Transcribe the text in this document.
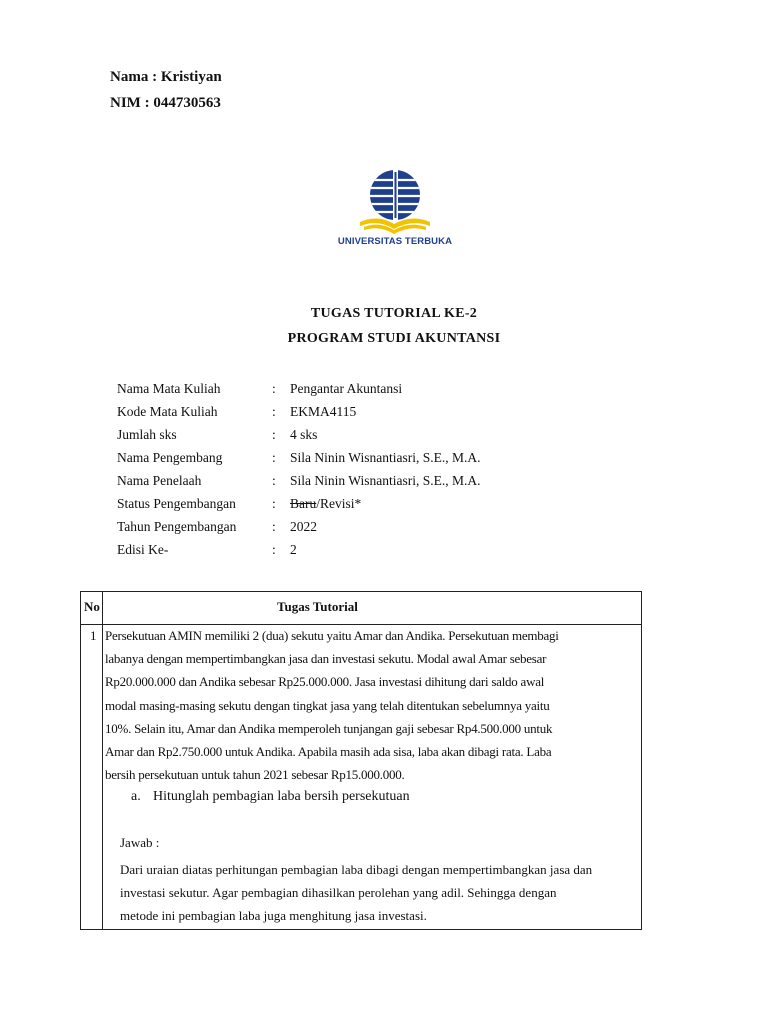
Nama : Kristiyan
NIM : 044730563
UNIVERSITAS TERBUKA
TUGAS TUTORIAL KE-2
PROGRAM STUDI AKUNTANSI
Nama Mata Kuliah	: Pengantar Akuntansi
Kode Mata Kuliah	: EKMA4115
Jumlah sks	: 4 sks
Nama Pengembang	: Sila Ninin Wisnantiasri, S.E., M.A.
Nama Penelaah	: Sila Ninin Wisnantiasri, S.E., M.A.
Status Pengembangan	: Baru/Revisi*
Tahun Pengembangan	: 2022
Edisi Ke-	: 2
No	Tugas Tutorial
1 Persekutuan AMIN memiliki 2 (dua) sekutu yaitu Amar dan Andika. Persekutuan membagi
labanya dengan mempertimbangkan jasa dan investasi sekutu. Modal awal Amar sebesar
Rp20.000.000 dan Andika sebesar Rp25.000.000. Jasa investasi dihitung dari saldo awal
modal masing-masing sekutu dengan tingkat jasa yang telah ditentukan sebelumnya yaitu
10%. Selain itu, Amar dan Andika memperoleh tunjangan gaji sebesar Rp4.500.000 untuk
Amar dan Rp2.750.000 untuk Andika. Apabila masih ada sisa, laba akan dibagi rata. Laba
bersih persekutuan untuk tahun 2021 sebesar Rp15.000.000.
a. Hitunglah pembagian laba bersih persekutuan
Jawab :
Dari uraian diatas perhitungan pembagian laba dibagi dengan mempertimbangkan jasa dan
investasi sekutur. Agar pembagian dihasilkan perolehan yang adil. Sehingga dengan
metode ini pembagian laba juga menghitung jasa investasi.
